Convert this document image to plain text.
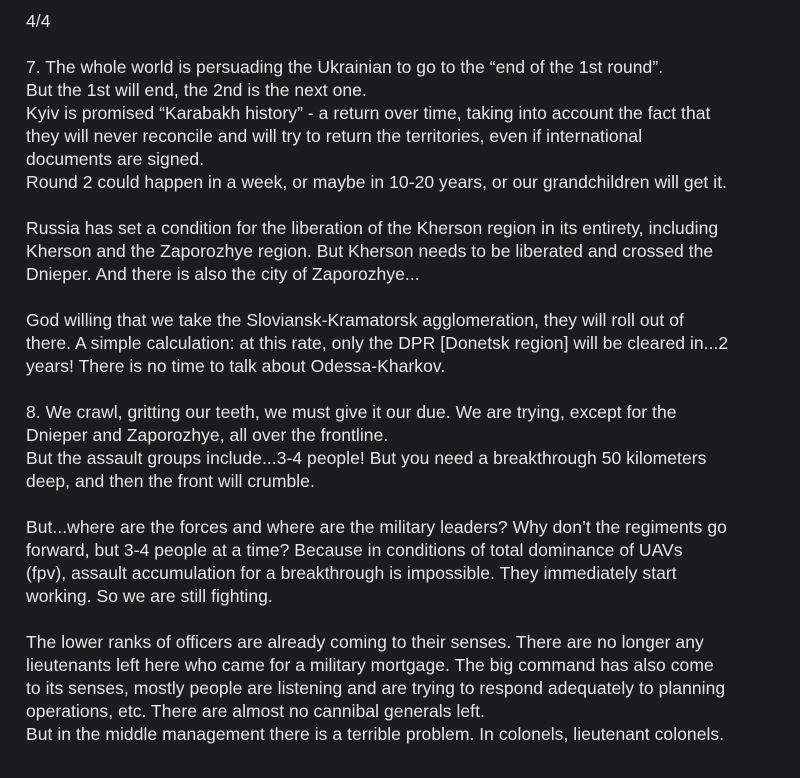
4/4
7. The whole world is persuading the Ukrainian to go to the “end of the 1st round”.
But the 1st will end, the 2nd is the next one.
Kyiv is promised “Karabakh history” - a return over time, taking into account the fact that
they will never reconcile and will try to return the territories, even if international
documents are signed.
Round 2 could happen in a week, or maybe in 10-20 years, or our grandchildren will get it.
Russia has set a condition for the liberation of the Kherson region in its entirety, including
Kherson and the Zaporozhye region. But Kherson needs to be liberated and crossed the
Dnieper. And there is also the city of Zaporozhye...
God willing that we take the Sloviansk-Kramatorsk agglomeration, they will roll out of
there. A simple calculation: at this rate, only the DPR [Donetsk region] will be cleared in...2
years! There is no time to talk about Odessa-Kharkov.
8. We crawl, gritting our teeth, we must give it our due. We are trying, except for the
Dnieper and Zaporozhye, all over the frontline.
But the assault groups include...3-4 people! But you need a breakthrough 50 kilometers
deep, and then the front will crumble.
But...where are the forces and where are the military leaders? Why don’t the regiments go
forward, but 3-4 people at a time? Because in conditions of total dominance of UAVs
(fpv), assault accumulation for a breakthrough is impossible. They immediately start
working. So we are still fighting.
The lower ranks of officers are already coming to their senses. There are no longer any
lieutenants left here who came for a military mortgage. The big command has also come
to its senses, mostly people are listening and are trying to respond adequately to planning
operations, etc. There are almost no cannibal generals left.
But in the middle management there is a terrible problem. In colonels, lieutenant colonels.
